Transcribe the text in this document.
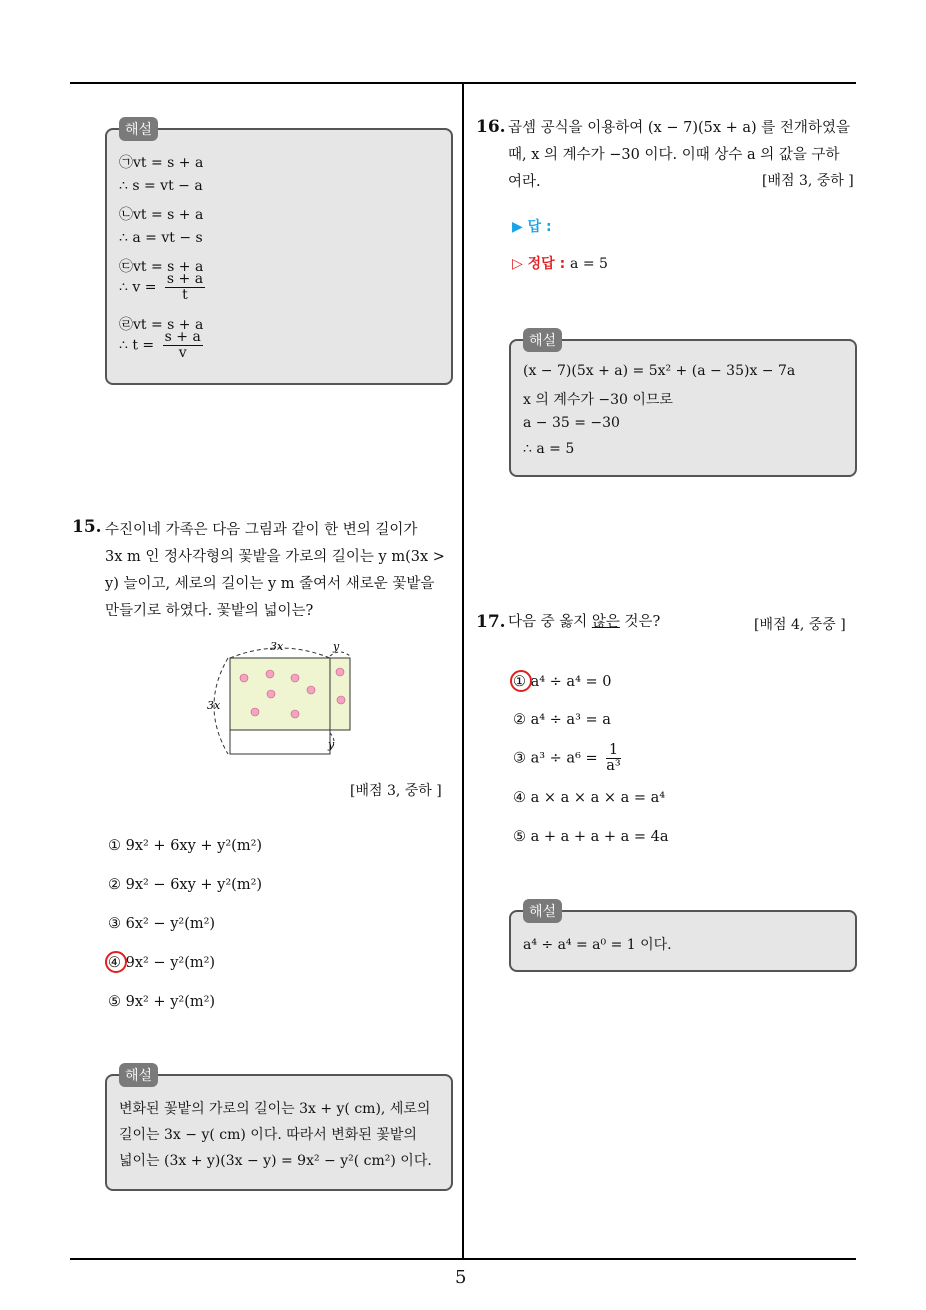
5
㉠vt = s + a
∴ s = vt − a
㉡vt = s + a
∴ a = vt − s
㉢vt = s + a
∴ $v = \frac{s + a}{t}$
㉣vt = s + a
∴ $t = \frac{s + a}{v}$
해설
15. 수진이네 가족은 다음 그림과 같이 한 변의 길이가
3x m 인 정사각형의 꽃밭을 가로의 길이는 y m(3x >
y) 늘이고, 세로의 길이는 y m 줄여서 새로운 꽃밭을
만들기로 하였다. 꽃밭의 넓이는?
3x
3x
y
y
[배점 3, 중하 ]
① 9x² + 6xy + y²(m²)
② 9x² − 6xy + y²(m²)
③ 6x² − y²(m²)
④ 9x² − y²(m²)
⑤ 9x² + y²(m²)
변화된 꽃밭의 가로의 길이는 3x + y( cm), 세로의
길이는 3x − y( cm) 이다. 따라서 변화된 꽃밭의
넓이는 (3x + y)(3x − y) = 9x² − y²( cm²) 이다.
해설
16. 곱셈 공식을 이용하여 (x − 7)(5x + a) 를 전개하였을
때, x 의 계수가 −30 이다. 이때 상수 a 의 값을 구하
여라.	[배점 3, 중하 ]
▶ 답 :
▷ 정답 : a = 5
(x − 7)(5x + a) = 5x² + (a − 35)x − 7a
x 의 계수가 −30 이므로
a − 35 = −30
∴ a = 5
해설
17. 다음 중 옳지 않은 것은?	[배점 4, 중중 ]
① a⁴ ÷ a⁴ = 0
② a⁴ ÷ a³ = a
③ $a^3 \div a^6 = \frac{1}{\text{a³}}$
④ a × a × a × a = a⁴
⑤ a + a + a + a = 4a
a⁴ ÷ a⁴ = a⁰ = 1 이다.
해설
